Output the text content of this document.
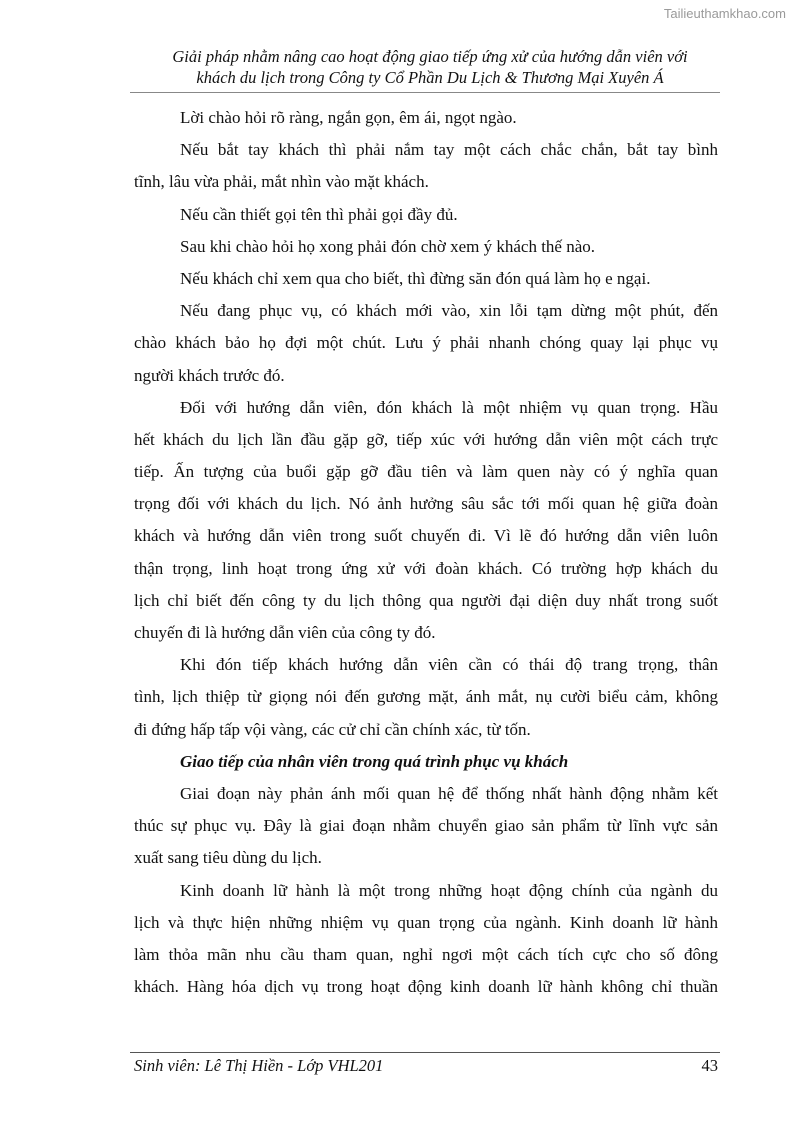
Tailieuthamkhao.com
Giải pháp nhằm nâng cao hoạt động giao tiếp ứng xử của hướng dẫn viên với
khách du lịch trong Công ty Cổ Phần Du Lịch & Thương Mại Xuyên Á
Lời chào hỏi rõ ràng, ngắn gọn, êm ái, ngọt ngào.
Nếu bắt tay khách thì phải nắm tay một cách chắc chắn, bắt tay bình
tĩnh, lâu vừa phải, mắt nhìn vào mặt khách.
Nếu cần thiết gọi tên thì phải gọi đầy đủ.
Sau khi chào hỏi họ xong phải đón chờ xem ý khách thế nào.
Nếu khách chỉ xem qua cho biết, thì đừng săn đón quá làm họ e ngại.
Nếu đang phục vụ, có khách mới vào, xin lỗi tạm dừng một phút, đến
chào khách bảo họ đợi một chút. Lưu ý phải nhanh chóng quay lại phục vụ
người khách trước đó.
Đối với hướng dẫn viên, đón khách là một nhiệm vụ quan trọng. Hầu
hết khách du lịch lần đầu gặp gỡ, tiếp xúc với hướng dẫn viên một cách trực
tiếp. Ấn tượng của buổi gặp gỡ đầu tiên và làm quen này có ý nghĩa quan
trọng đối với khách du lịch. Nó ảnh hưởng sâu sắc tới mối quan hệ giữa đoàn
khách và hướng dẫn viên trong suốt chuyến đi. Vì lẽ đó hướng dẫn viên luôn
thận trọng, linh hoạt trong ứng xử với đoàn khách. Có trường hợp khách du
lịch chỉ biết đến công ty du lịch thông qua người đại diện duy nhất trong suốt
chuyến đi là hướng dẫn viên của công ty đó.
Khi đón tiếp khách hướng dẫn viên cần có thái độ trang trọng, thân
tình, lịch thiệp từ giọng nói đến gương mặt, ánh mắt, nụ cười biểu cảm, không
đi đứng hấp tấp vội vàng, các cử chỉ cần chính xác, từ tốn.
Giao tiếp của nhân viên trong quá trình phục vụ khách
Giai đoạn này phản ánh mối quan hệ để thống nhất hành động nhằm kết
thúc sự phục vụ. Đây là giai đoạn nhằm chuyển giao sản phẩm từ lĩnh vực sản
xuất sang tiêu dùng du lịch.
Kinh doanh lữ hành là một trong những hoạt động chính của ngành du
lịch và thực hiện những nhiệm vụ quan trọng của ngành. Kinh doanh lữ hành
làm thỏa mãn nhu cầu tham quan, nghỉ ngơi một cách tích cực cho số đông
khách. Hàng hóa dịch vụ trong hoạt động kinh doanh lữ hành không chỉ thuần
Sinh viên: Lê Thị Hiền - Lớp VHL201	43
